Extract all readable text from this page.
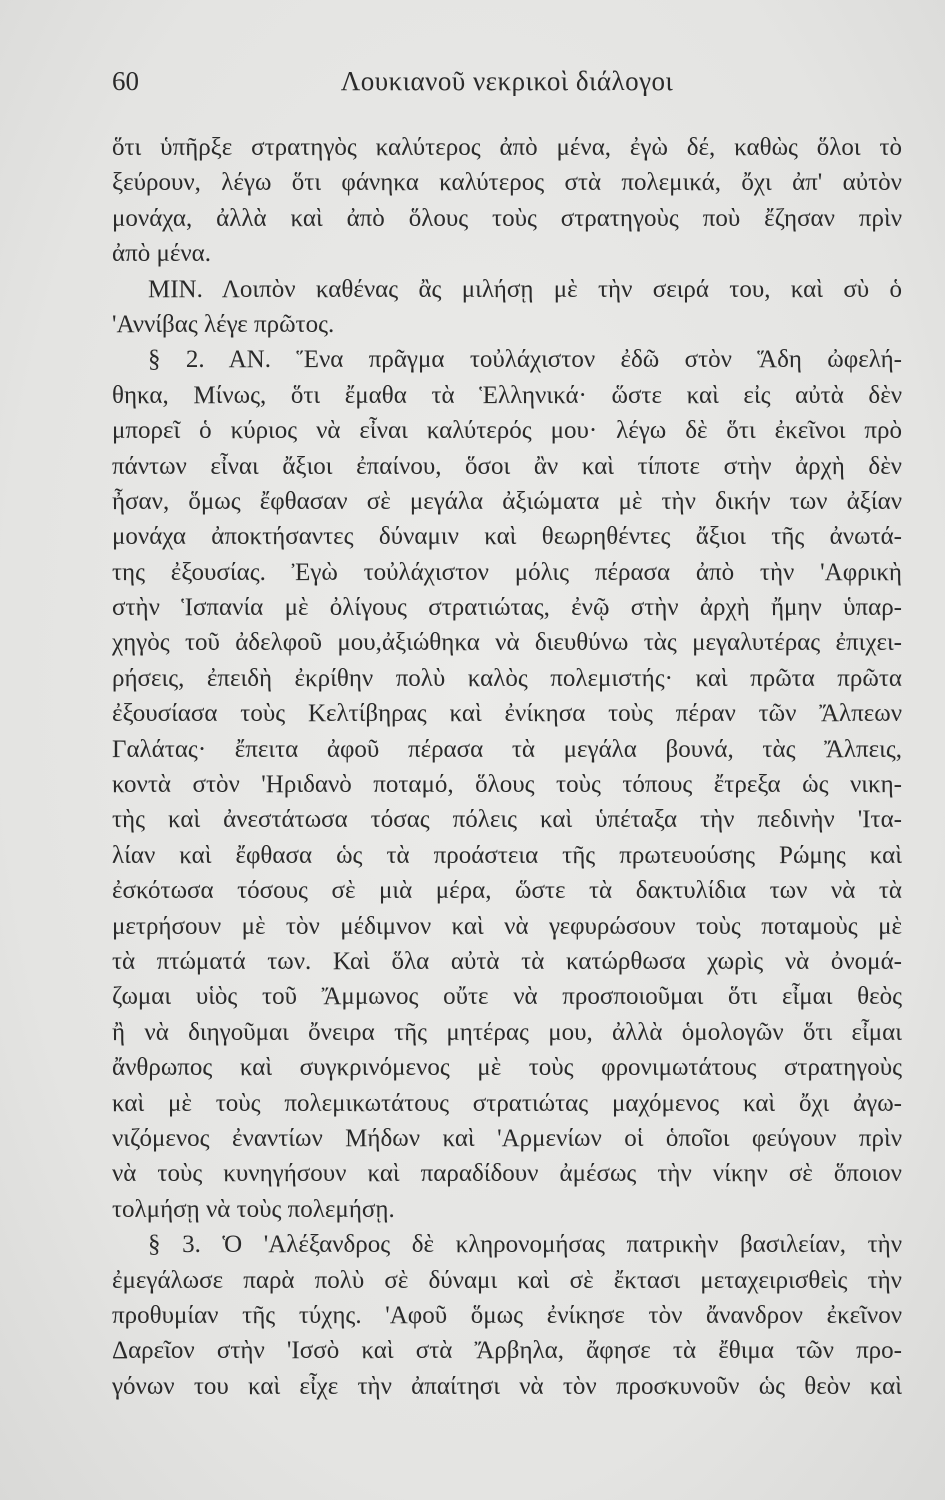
60	Λουκιανοῦ νεκρικοὶ διάλογοι
ὅτι ὑπῆρξε στρατηγὸς καλύτερος ἀπὸ μένα, ἐγὼ δέ, καθὼς ὅλοι τὸ
ξεύρουν, λέγω ὅτι φάνηκα καλύτερος στὰ πολεμικά, ὄχι ἀπ' αὐτὸν
μονάχα, ἀλλὰ καὶ ἀπὸ ὅλους τοὺς στρατηγοὺς ποὺ ἔζησαν πρὶν
ἀπὸ μένα.
ΜΙΝ. Λοιπὸν καθένας ἂς μιλήσῃ μὲ τὴν σειρά του, καὶ σὺ ὁ
'Αννίβας λέγε πρῶτος.
§ 2. ΑΝ. Ἕνα πρᾶγμα τοὐλάχιστον ἐδῶ στὸν Ἅδη ὠφελή-
θηκα, Μίνως, ὅτι ἔμαθα τὰ Ἑλληνικά· ὥστε καὶ εἰς αὐτὰ δὲν
μπορεῖ ὁ κύριος νὰ εἶναι καλύτερός μου· λέγω δὲ ὅτι ἐκεῖνοι πρὸ
πάντων εἶναι ἄξιοι ἐπαίνου, ὅσοι ἂν καὶ τίποτε στὴν ἀρχὴ δὲν
ἦσαν, ὅμως ἔφθασαν σὲ μεγάλα ἀξιώματα μὲ τὴν δικήν των ἀξίαν
μονάχα ἀποκτήσαντες δύναμιν καὶ θεωρηθέντες ἄξιοι τῆς ἀνωτά-
της ἐξουσίας. Ἐγὼ τοὐλάχιστον μόλις πέρασα ἀπὸ τὴν 'Αφρικὴ
στὴν Ἱσπανία μὲ ὀλίγους στρατιώτας, ἐνῷ στὴν ἀρχὴ ἤμην ὑπαρ-
χηγὸς τοῦ ἀδελφοῦ μου,ἀξιώθηκα νὰ διευθύνω τὰς μεγαλυτέρας ἐπιχει-
ρήσεις, ἐπειδὴ ἐκρίθην πολὺ καλὸς πολεμιστής· καὶ πρῶτα πρῶτα
ἐξουσίασα τοὺς Κελτίβηρας καὶ ἐνίκησα τοὺς πέραν τῶν Ἄλπεων
Γαλάτας· ἔπειτα ἀφοῦ πέρασα τὰ μεγάλα βουνά, τὰς Ἄλπεις,
κοντὰ στὸν 'Ηριδανὸ ποταμό, ὅλους τοὺς τόπους ἔτρεξα ὡς νικη-
τὴς καὶ ἀνεστάτωσα τόσας πόλεις καὶ ὑπέταξα τὴν πεδινὴν 'Ιτα-
λίαν καὶ ἔφθασα ὡς τὰ προάστεια τῆς πρωτευούσης Ρώμης καὶ
ἐσκότωσα τόσους σὲ μιὰ μέρα, ὥστε τὰ δακτυλίδια των νὰ τὰ
μετρήσουν μὲ τὸν μέδιμνον καὶ νὰ γεφυρώσουν τοὺς ποταμοὺς μὲ
τὰ πτώματά των. Καὶ ὅλα αὐτὰ τὰ κατώρθωσα χωρὶς νὰ ὀνομά-
ζωμαι υἱὸς τοῦ Ἄμμωνος οὔτε νὰ προσποιοῦμαι ὅτι εἶμαι θεὸς
ἢ νὰ διηγοῦμαι ὄνειρα τῆς μητέρας μου, ἀλλὰ ὁμολογῶν ὅτι εἶμαι
ἄνθρωπος καὶ συγκρινόμενος μὲ τοὺς φρονιμωτάτους στρατηγοὺς
καὶ μὲ τοὺς πολεμικωτάτους στρατιώτας μαχόμενος καὶ ὄχι ἀγω-
νιζόμενος ἐναντίων Μήδων καὶ 'Αρμενίων οἱ ὁποῖοι φεύγουν πρὶν
νὰ τοὺς κυνηγήσουν καὶ παραδίδουν ἀμέσως τὴν νίκην σὲ ὅποιον
τολμήσῃ νὰ τοὺς πολεμήσῃ.
§ 3. Ὁ 'Αλέξανδρος δὲ κληρονομήσας πατρικὴν βασιλείαν, τὴν
ἐμεγάλωσε παρὰ πολὺ σὲ δύναμι καὶ σὲ ἔκτασι μεταχειρισθεὶς τὴν
προθυμίαν τῆς τύχης. 'Αφοῦ ὅμως ἐνίκησε τὸν ἄνανδρον ἐκεῖνον
Δαρεῖον στὴν 'Ισσὸ καὶ στὰ Ἄρβηλα, ἄφησε τὰ ἔθιμα τῶν προ-
γόνων του καὶ εἶχε τὴν ἀπαίτησι νὰ τὸν προσκυνοῦν ὡς θεὸν καὶ
